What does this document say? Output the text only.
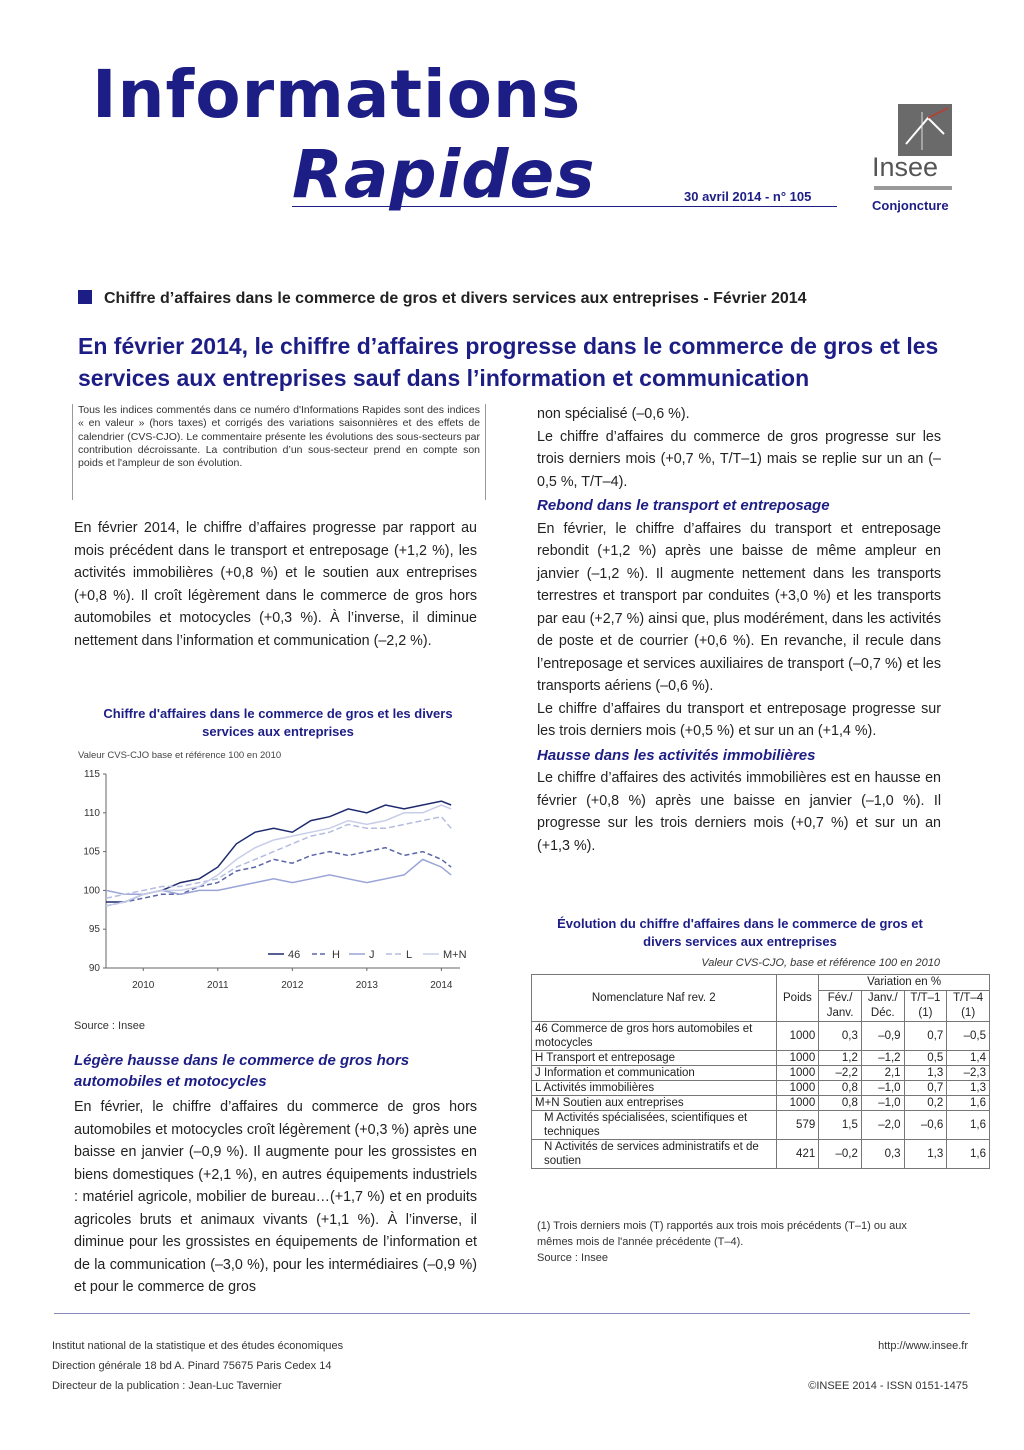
Informations
Rapides	30 avril 2014 - n° 105
Insee
Conjoncture
Chiffre d’affaires dans le commerce de gros et divers services aux entreprises - Février 2014
En février 2014, le chiffre d’affaires progresse dans le commerce de gros et les services aux entreprises sauf dans l’information et communication

Tous les indices commentés dans ce numéro d'Informations Rapides sont des indices « en valeur » (hors taxes) et corrigés des variations saisonnières et des effets de calendrier (CVS-CJO). Le commentaire présente les évolutions des sous-secteurs par contribution décroissante. La contribution d’un sous-secteur prend en compte son poids et l'ampleur de son évolution.

En février 2014, le chiffre d’affaires progresse par rapport au mois précédent dans le transport et entreposage (+1,2 %), les activités immobilières (+0,8 %) et le soutien aux entreprises (+0,8 %). Il croît légèrement dans le commerce de gros hors automobiles et motocycles (+0,3 %). À l’inverse, il diminue nettement dans l’information et communication (–2,2 %).

Chiffre d'affaires dans le commerce de gros et les divers services aux entreprises
Valeur CVS-CJO base et référence 100 en 2010
90
95
100
105
110
115
2010	2011	2012	2013	2014
46	H	J	L	M+N
Source : Insee
Légère hausse dans le commerce de gros hors automobiles et motocycles

En février, le chiffre d’affaires du commerce de gros hors automobiles et motocycles croît légèrement (+0,3 %) après une baisse en janvier (–0,9 %). Il augmente pour les grossistes en biens domestiques (+2,1 %), en autres équipements industriels : matériel agricole, mobilier de bureau…(+1,7 %) et en produits agricoles bruts et animaux vivants (+1,1 %). À l’inverse, il diminue pour les grossistes en équipements de l’information et de la communication (–3,0 %), pour les intermédiaires (–0,9 %) et pour le commerce de gros

non spécialisé (–0,6 %).

Le chiffre d’affaires du commerce de gros progresse sur les trois derniers mois (+0,7 %, T/T–1) mais se replie sur un an (–0,5 %, T/T–4).

Rebond dans le transport et entreposage

En février, le chiffre d’affaires du transport et entreposage rebondit (+1,2 %) après une baisse de même ampleur en janvier (–1,2 %). Il augmente nettement dans les transports terrestres et transport par conduites (+3,0 %) et les transports par eau (+2,7 %) ainsi que, plus modérément, dans les activités de poste et de courrier (+0,6 %). En revanche, il recule dans l’entreposage et services auxiliaires de transport (–0,7 %) et les transports aériens (–0,6 %).

Le chiffre d’affaires du transport et entreposage progresse sur les trois derniers mois (+0,5 %) et sur un an (+1,4 %).

Hausse dans les activités immobilières

Le chiffre d’affaires des activités immobilières est en hausse en février (+0,8 %) après une baisse en janvier (–1,0 %). Il progresse sur les trois derniers mois (+0,7 %) et sur un an (+1,3 %).

Évolution du chiffre d'affaires dans le commerce de gros et divers services aux entreprises
Valeur CVS-CJO, base et référence 100 en 2010
Nomenclature Naf rev. 2	Poids	Variation en %			
		Fév./ Janv.	Janv./ Déc.	T/T–1 (1)	T/T–4 (1)
46 Commerce de gros hors automobiles et motocycles	1000	0,3	–0,9	0,7	–0,5
H Transport et entreposage	1000	1,2	–1,2	0,5	1,4
J Information et communication	1000	–2,2	2,1	1,3	–2,3
L Activités immobilières	1000	0,8	–1,0	0,7	1,3
M+N Soutien aux entreprises	1000	0,8	–1,0	0,2	1,6
M Activités spécialisées, scientifiques et techniques	579	1,5	–2,0	–0,6	1,6
N Activités de services administratifs et de soutien	421	–0,2	0,3	1,3	1,6
(1) Trois derniers mois (T) rapportés aux trois mois précédents (T–1) ou aux mêmes mois de l'année précédente (T–4).
Source : Insee
Institut national de la statistique et des études économiques
Direction générale 18 bd A. Pinard 75675 Paris Cedex 14
Directeur de la publication : Jean-Luc Tavernier
http://www.insee.fr
©INSEE 2014 - ISSN 0151-1475
